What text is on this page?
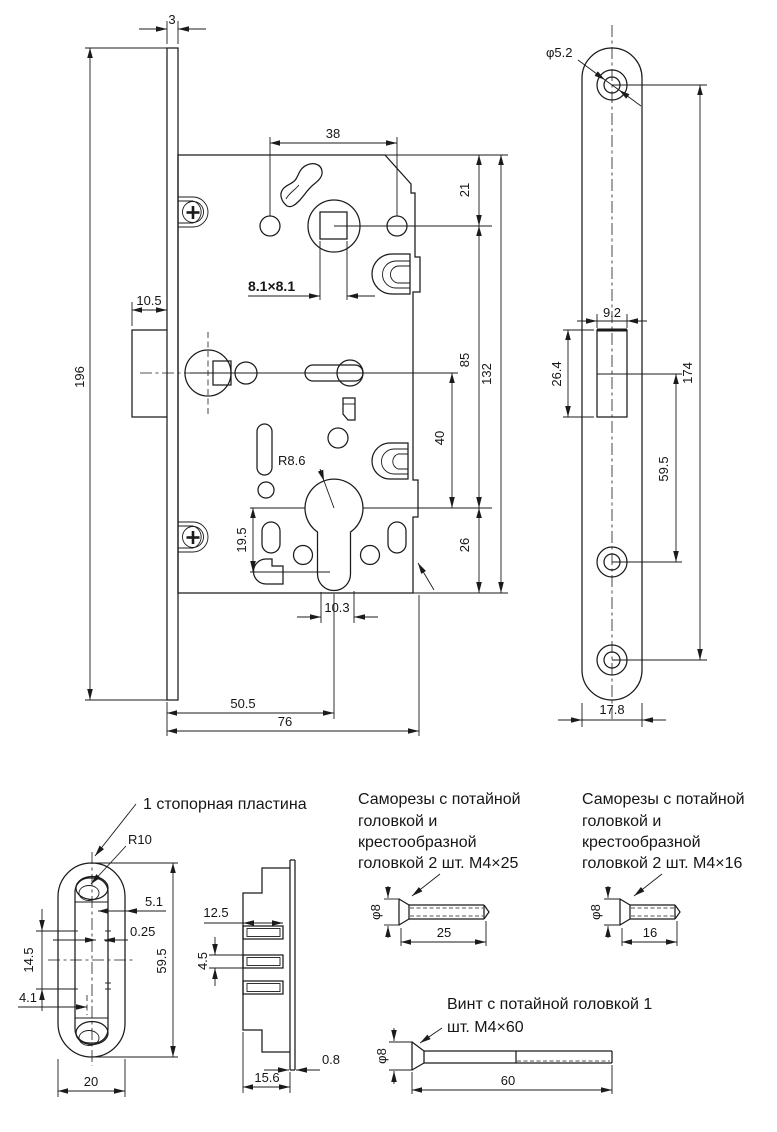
3
196
10.5
38
8.1×8.1
21
85
26
132
40
R8.6
19.5
10.3
50.5
76
φ5.2
9.2
26.4
59.5
174
17.8
1 стопорная пластина
R10
5.1
0.25
14.5
4.1
59.5
20
12.5
4.5
0.8
15.6
Саморезы с потайной
головкой и
крестообразной
головкой 2 шт. M4×25
φ8
25
Саморезы с потайной
головкой и
крестообразной
головкой 2 шт. M4×16
φ8
16
Винт с потайной головкой 1
шт. M4×60
φ8
60
